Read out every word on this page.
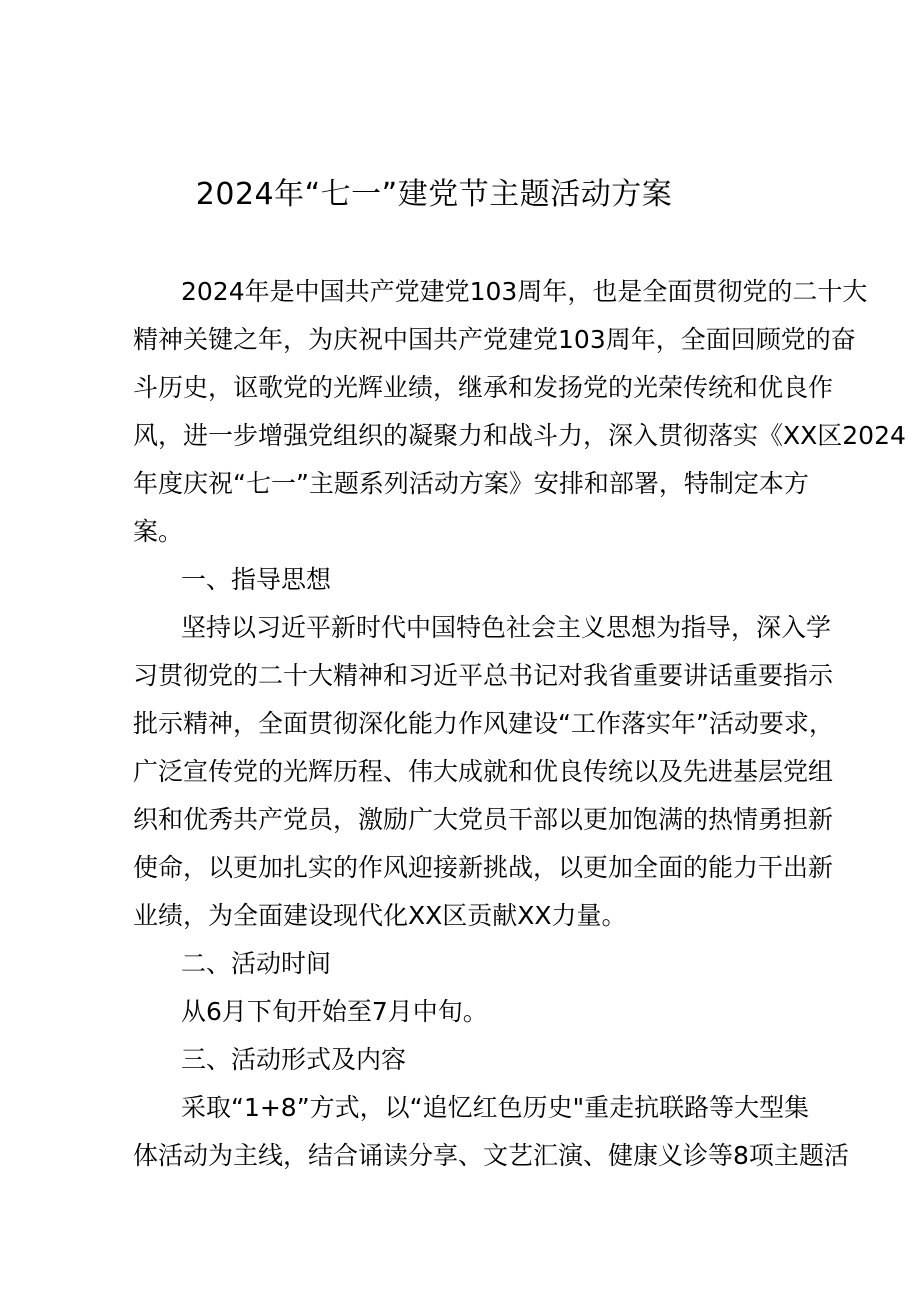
2024年“七一”建党节主题活动方案
2024年是中国共产党建党103周年，也是全面贯彻党的二十大
精神关键之年，为庆祝中国共产党建党103周年，全面回顾党的奋
斗历史，讴歌党的光辉业绩，继承和发扬党的光荣传统和优良作
风，进一步增强党组织的凝聚力和战斗力，深入贯彻落实《XX区2024
年度庆祝“七一”主题系列活动方案》安排和部署，特制定本方
案。
一、指导思想
坚持以习近平新时代中国特色社会主义思想为指导，深入学
习贯彻党的二十大精神和习近平总书记对我省重要讲话重要指示
批示精神，全面贯彻深化能力作风建设“工作落实年”活动要求，
广泛宣传党的光辉历程、伟大成就和优良传统以及先进基层党组
织和优秀共产党员，激励广大党员干部以更加饱满的热情勇担新
使命，以更加扎实的作风迎接新挑战，以更加全面的能力干出新
业绩，为全面建设现代化XX区贡献XX力量。
二、活动时间
从6月下旬开始至7月中旬。
三、活动形式及内容
采取“1+8”方式，以“追忆红色历史"重走抗联路等大型集
体活动为主线，结合诵读分享、文艺汇演、健康义诊等8项主题活
